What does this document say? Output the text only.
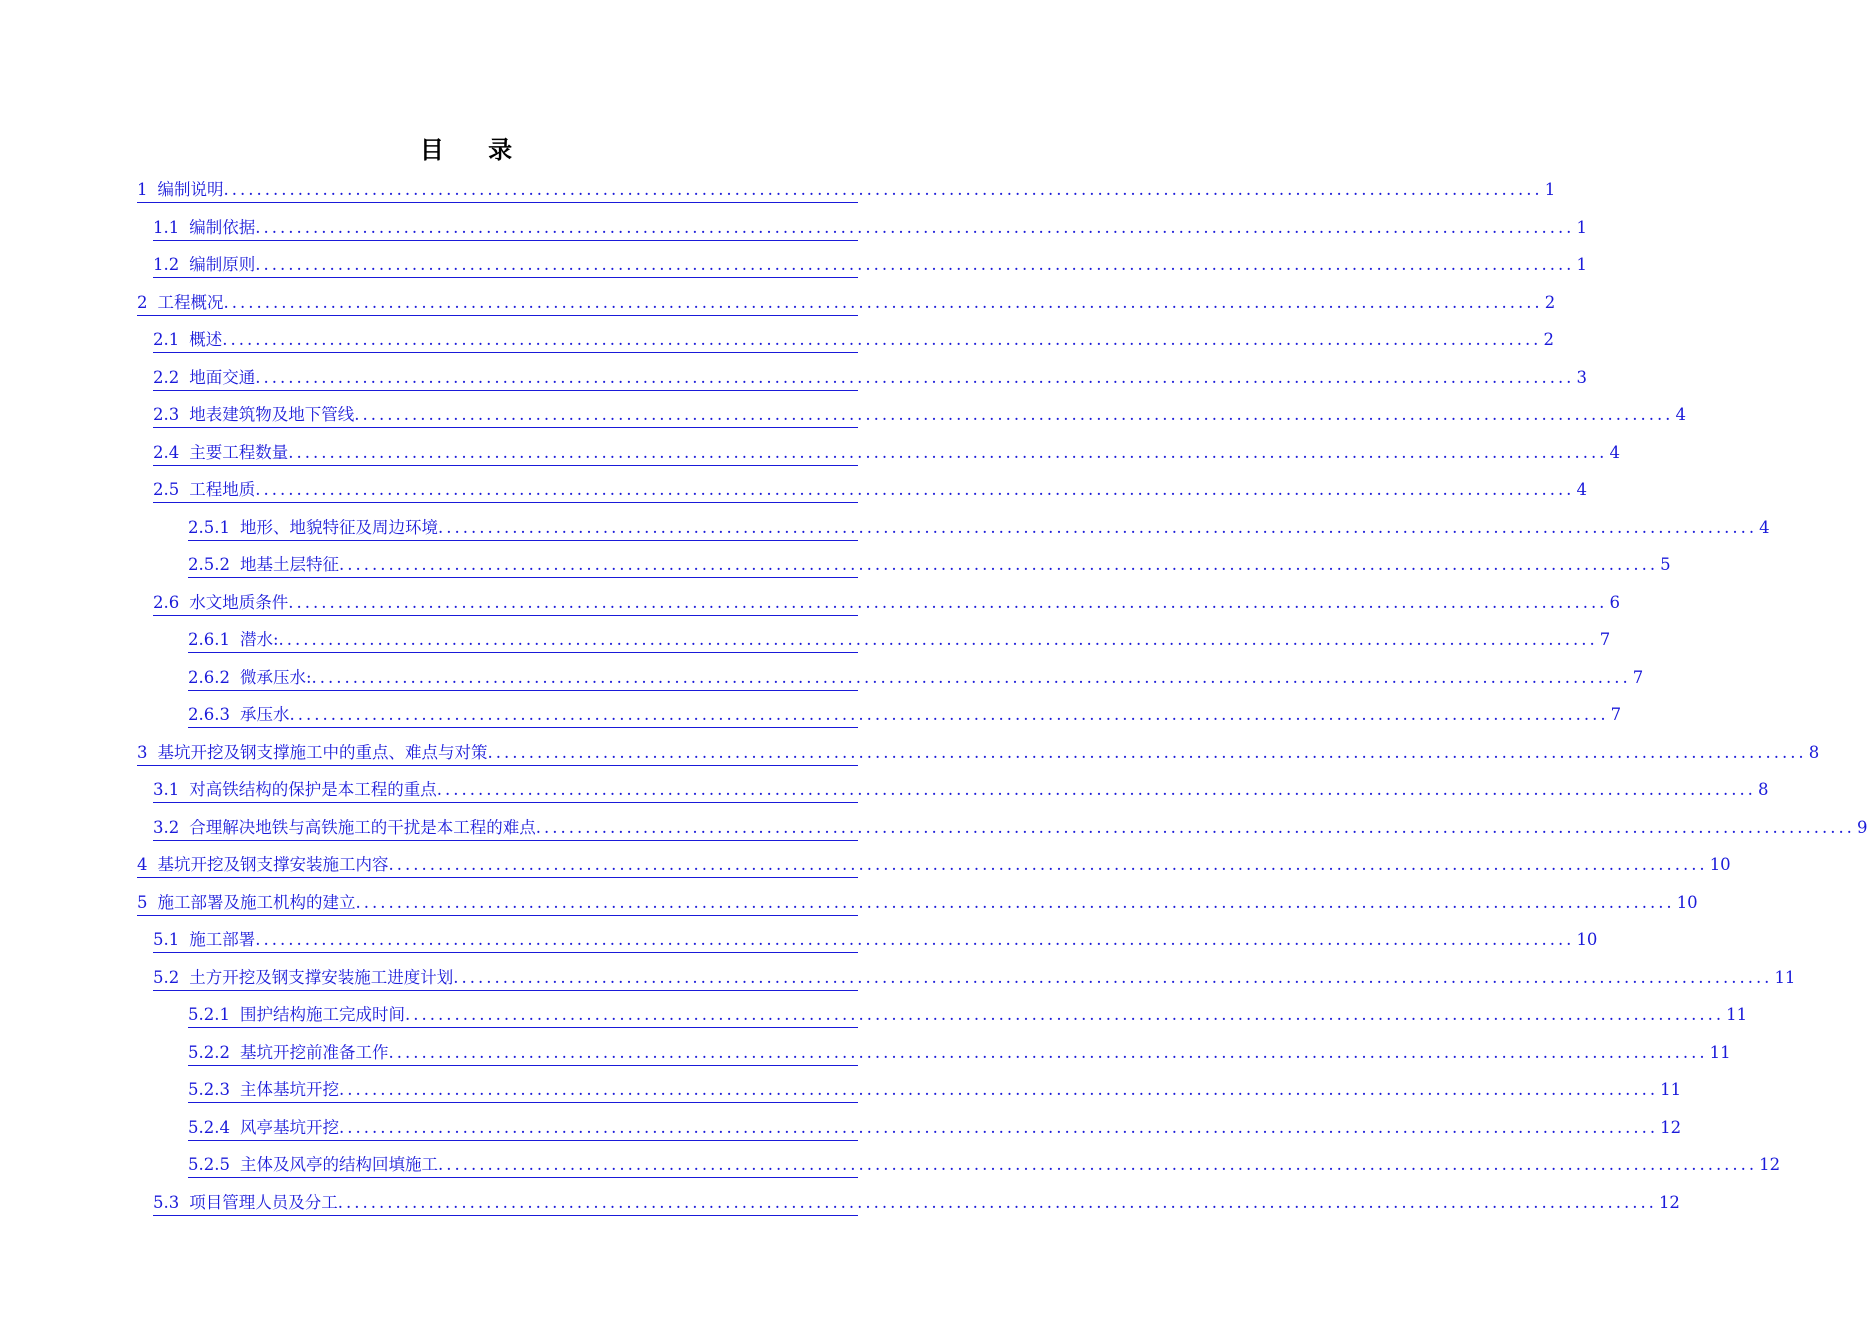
目 录
1 编制说明 ................................................................................................................................................................ 1
1.1 编制依据 ................................................................................................................................................................ 1
1.2 编制原则 ................................................................................................................................................................ 1
2 工程概况 ................................................................................................................................................................ 2
2.1 概述 ................................................................................................................................................................ 2
2.2 地面交通 ................................................................................................................................................................ 3
2.3 地表建筑物及地下管线 ................................................................................................................................................................ 4
2.4 主要工程数量 ................................................................................................................................................................ 4
2.5 工程地质 ................................................................................................................................................................ 4
2.5.1 地形、地貌特征及周边环境 ................................................................................................................................................................ 4
2.5.2 地基土层特征 ................................................................................................................................................................ 5
2.6 水文地质条件 ................................................................................................................................................................ 6
2.6.1 潜水: ................................................................................................................................................................ 7
2.6.2 微承压水: ................................................................................................................................................................ 7
2.6.3 承压水 ................................................................................................................................................................ 7
3 基坑开挖及钢支撑施工中的重点、难点与对策 ................................................................................................................................................................ 8
3.1 对高铁结构的保护是本工程的重点 ................................................................................................................................................................ 8
3.2 合理解决地铁与高铁施工的干扰是本工程的难点 ................................................................................................................................................................ 9
4 基坑开挖及钢支撑安装施工内容 ................................................................................................................................................................ 10
5 施工部署及施工机构的建立 ................................................................................................................................................................ 10
5.1 施工部署 ................................................................................................................................................................ 10
5.2 土方开挖及钢支撑安装施工进度计划 ................................................................................................................................................................ 11
5.2.1 围护结构施工完成时间 ................................................................................................................................................................ 11
5.2.2 基坑开挖前准备工作 ................................................................................................................................................................ 11
5.2.3 主体基坑开挖 ................................................................................................................................................................ 11
5.2.4 风亭基坑开挖 ................................................................................................................................................................ 12
5.2.5 主体及风亭的结构回填施工 ................................................................................................................................................................ 12
5.3 项目管理人员及分工 ................................................................................................................................................................ 12
